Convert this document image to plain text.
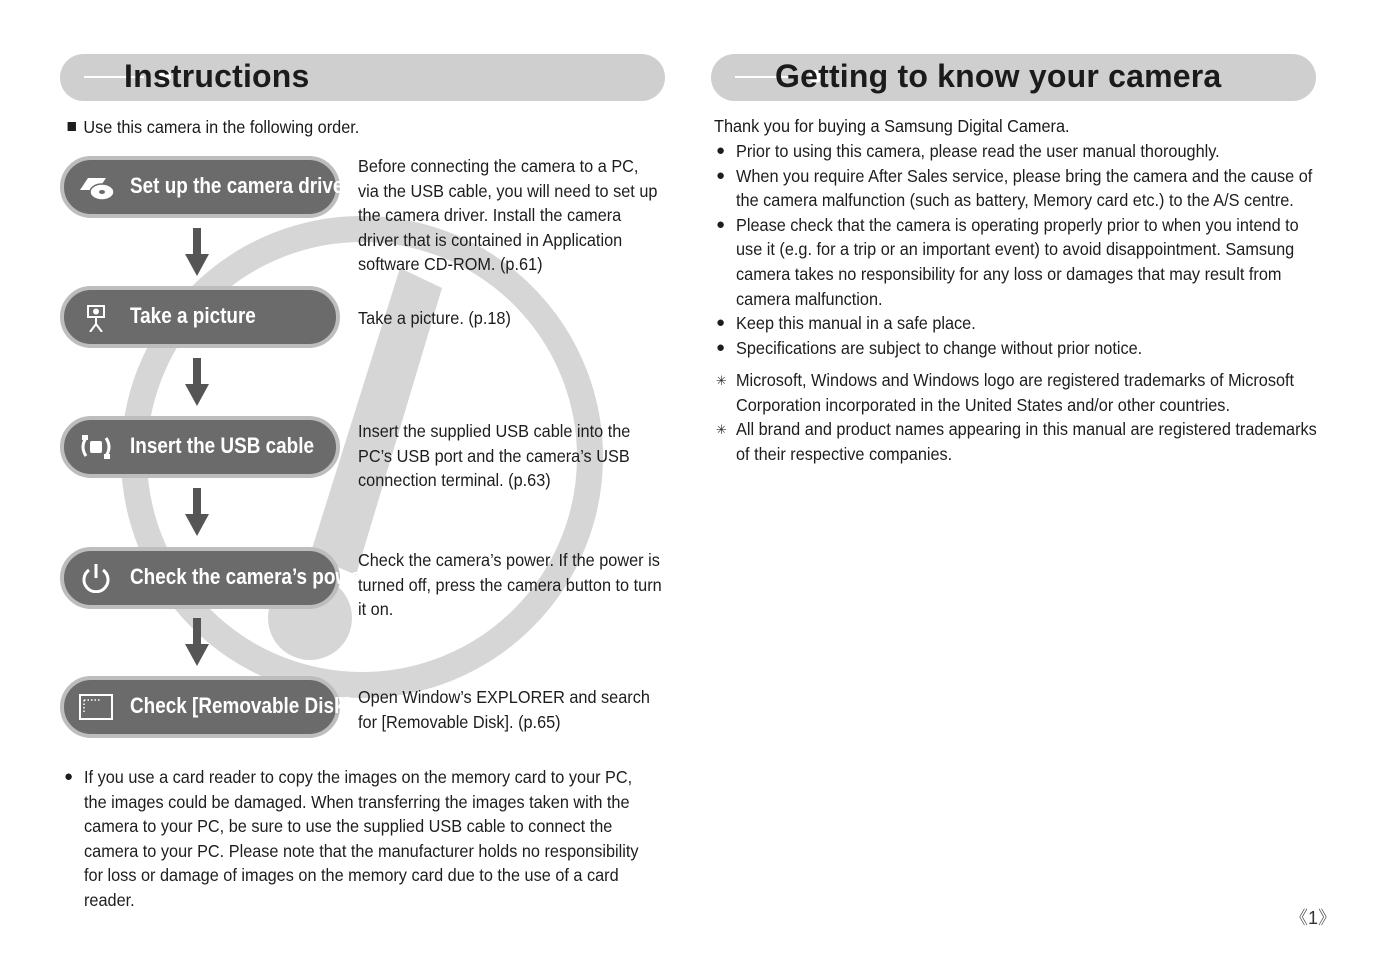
Instructions
Use this camera in the following order.
Set up the camera driver
Before connecting the camera to a PC, via the USB cable, you will need to set up the camera driver. Install the camera driver that is contained in Application software CD-ROM. (p.61)
Take a picture	Take a picture. (p.18)
Insert the USB cable
Insert the supplied USB cable into the PC’s USB port and the camera’s USB connection terminal. (p.63)
Check the camera’s power
Check the camera’s power. If the power is turned off, press the camera button to turn it on.
Check [Removable Disk] Open Window’s EXPLORER and search for [Removable Disk]. (p.65)
● If you use a card reader to copy the images on the memory card to your PC, the images could be damaged. When transferring the images taken with the camera to your PC, be sure to use the supplied USB cable to connect the camera to your PC. Please note that the manufacturer holds no responsibility for loss or damage of images on the memory card due to the use of a card reader.
Getting to know your camera
Thank you for buying a Samsung Digital Camera.
● Prior to using this camera, please read the user manual thoroughly.
● When you require After Sales service, please bring the camera and the cause of the camera malfunction (such as battery, Memory card etc.) to the A/S centre.
● Please check that the camera is operating properly prior to when you intend to use it (e.g. for a trip or an important event) to avoid disappointment. Samsung camera takes no responsibility for any loss or damages that may result from camera malfunction.
● Keep this manual in a safe place.
● Specifications are subject to change without prior notice.
✳ Microsoft, Windows and Windows logo are registered trademarks of Microsoft Corporation incorporated in the United States and/or other countries.
✳ All brand and product names appearing in this manual are registered trademarks of their respective companies.
《1》
